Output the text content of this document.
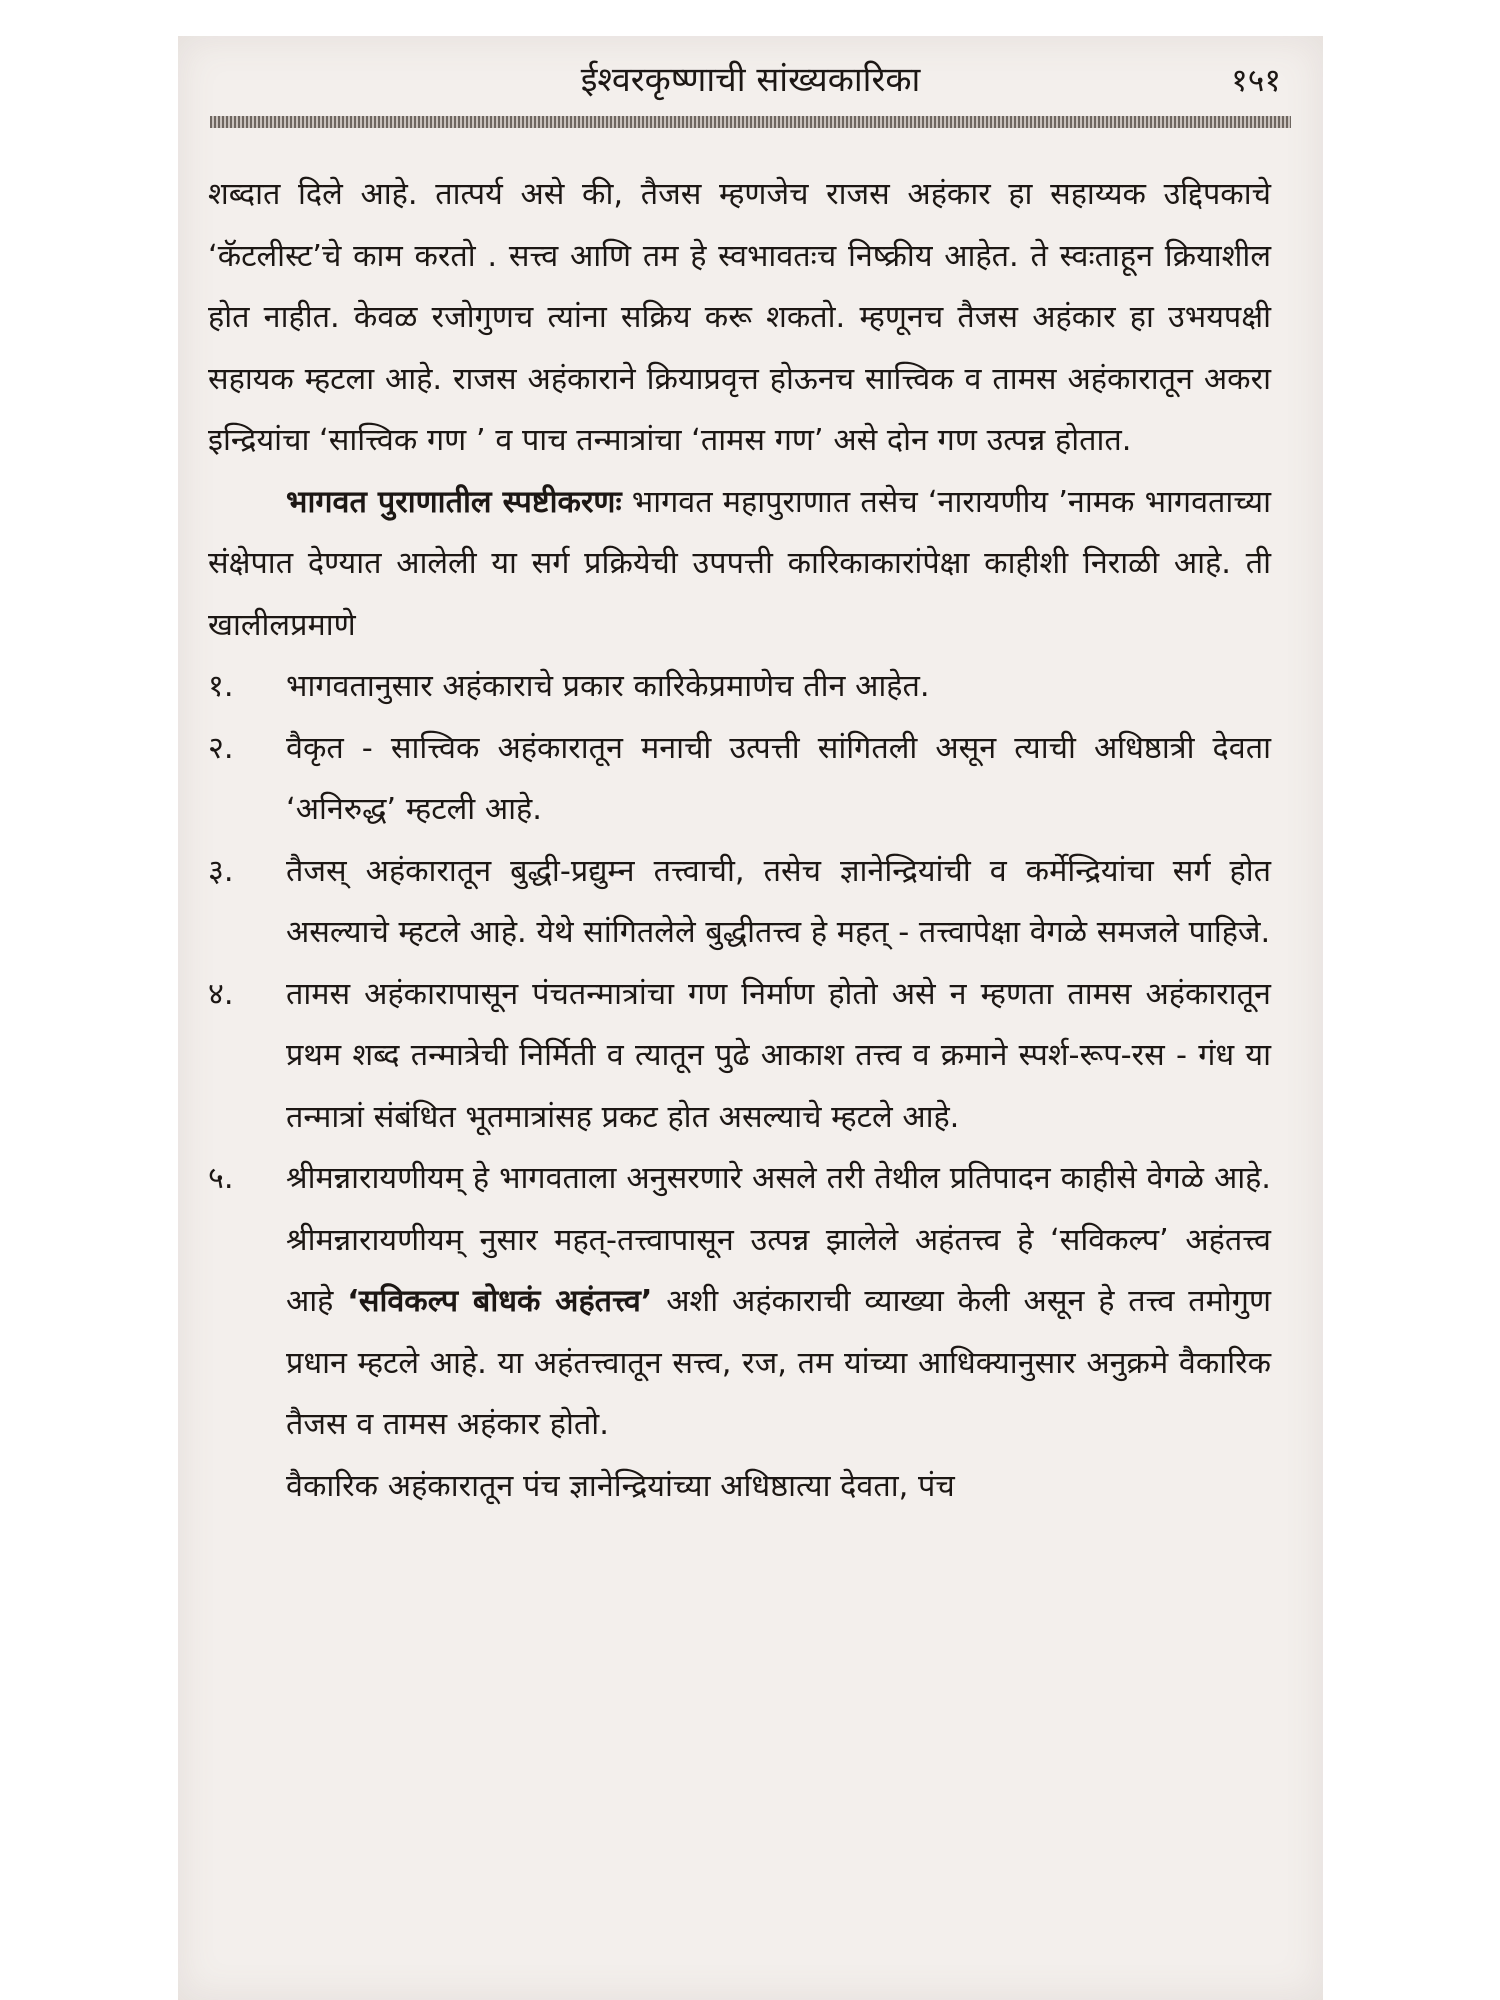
ईश्वरकृष्णाची सांख्यकारिका	१५१

शब्दात दिले आहे. तात्पर्य असे की, तैजस म्हणजेच राजस अहंकार हा सहाय्यक उद्दिपकाचे ‘कॅटलीस्ट’चे काम करतो . सत्त्व आणि तम हे स्वभावतःच निष्क्रीय आहेत. ते स्वःताहून क्रियाशील होत नाहीत. केवळ रजोगुणच त्यांना सक्रिय करू शकतो. म्हणूनच तैजस अहंकार हा उभयपक्षी सहायक म्हटला आहे. राजस अहंकाराने क्रियाप्रवृत्त होऊनच सात्त्विक व तामस अहंकारातून अकरा इन्द्रियांचा ‘सात्त्विक गण ’ व पाच तन्मात्रांचा ‘तामस गण’ असे दोन गण उत्पन्न होतात.

भागवत पुराणातील स्पष्टीकरणः भागवत महापुराणात तसेच ‘नारायणीय ’नामक भागवताच्या संक्षेपात देण्यात आलेली या सर्ग प्रक्रियेची उपपत्ती कारिकाकारांपेक्षा काहीशी निराळी आहे. ती खालीलप्रमाणे

१.	भागवतानुसार अहंकाराचे प्रकार कारिकेप्रमाणेच तीन आहेत.
२.	वैकृत - सात्त्विक अहंकारातून मनाची उत्पत्ती सांगितली असून त्याची अधिष्ठात्री देवता ‘अनिरुद्ध’ म्हटली आहे.
३.	तैजस् अहंकारातून बुद्धी-प्रद्युम्न तत्त्वाची, तसेच ज्ञानेन्द्रियांची व कर्मेन्द्रियांचा सर्ग होत असल्याचे म्हटले आहे. येथे सांगितलेले बुद्धीतत्त्व हे महत् - तत्त्वापेक्षा वेगळे समजले पाहिजे.
४.	तामस अहंकारापासून पंचतन्मात्रांचा गण निर्माण होतो असे न म्हणता तामस अहंकारातून प्रथम शब्द तन्मात्रेची निर्मिती व त्यातून पुढे आकाश तत्त्व व क्रमाने स्पर्श-रूप-रस - गंध या तन्मात्रां संबंधित भूतमात्रांसह प्रकट होत असल्याचे म्हटले आहे.
५.	श्रीमन्नारायणीयम् हे भागवताला अनुसरणारे असले तरी तेथील प्रतिपादन काहीसे वेगळे आहे. श्रीमन्नारायणीयम् नुसार महत्-तत्त्वापासून उत्पन्न झालेले अहंतत्त्व हे ‘सविकल्प’ अहंतत्त्व आहे ‘सविकल्प बोधकं अहंतत्त्व’ अशी अहंकाराची व्याख्या केली असून हे तत्त्व तमोगुण प्रधान म्हटले आहे. या अहंतत्त्वातून सत्त्व, रज, तम यांच्या आधिक्यानुसार अनुक्रमे वैकारिक तैजस व तामस अहंकार होतो.

वैकारिक अहंकारातून पंच ज्ञानेन्द्रियांच्या अधिष्ठात्या देवता, पंच
